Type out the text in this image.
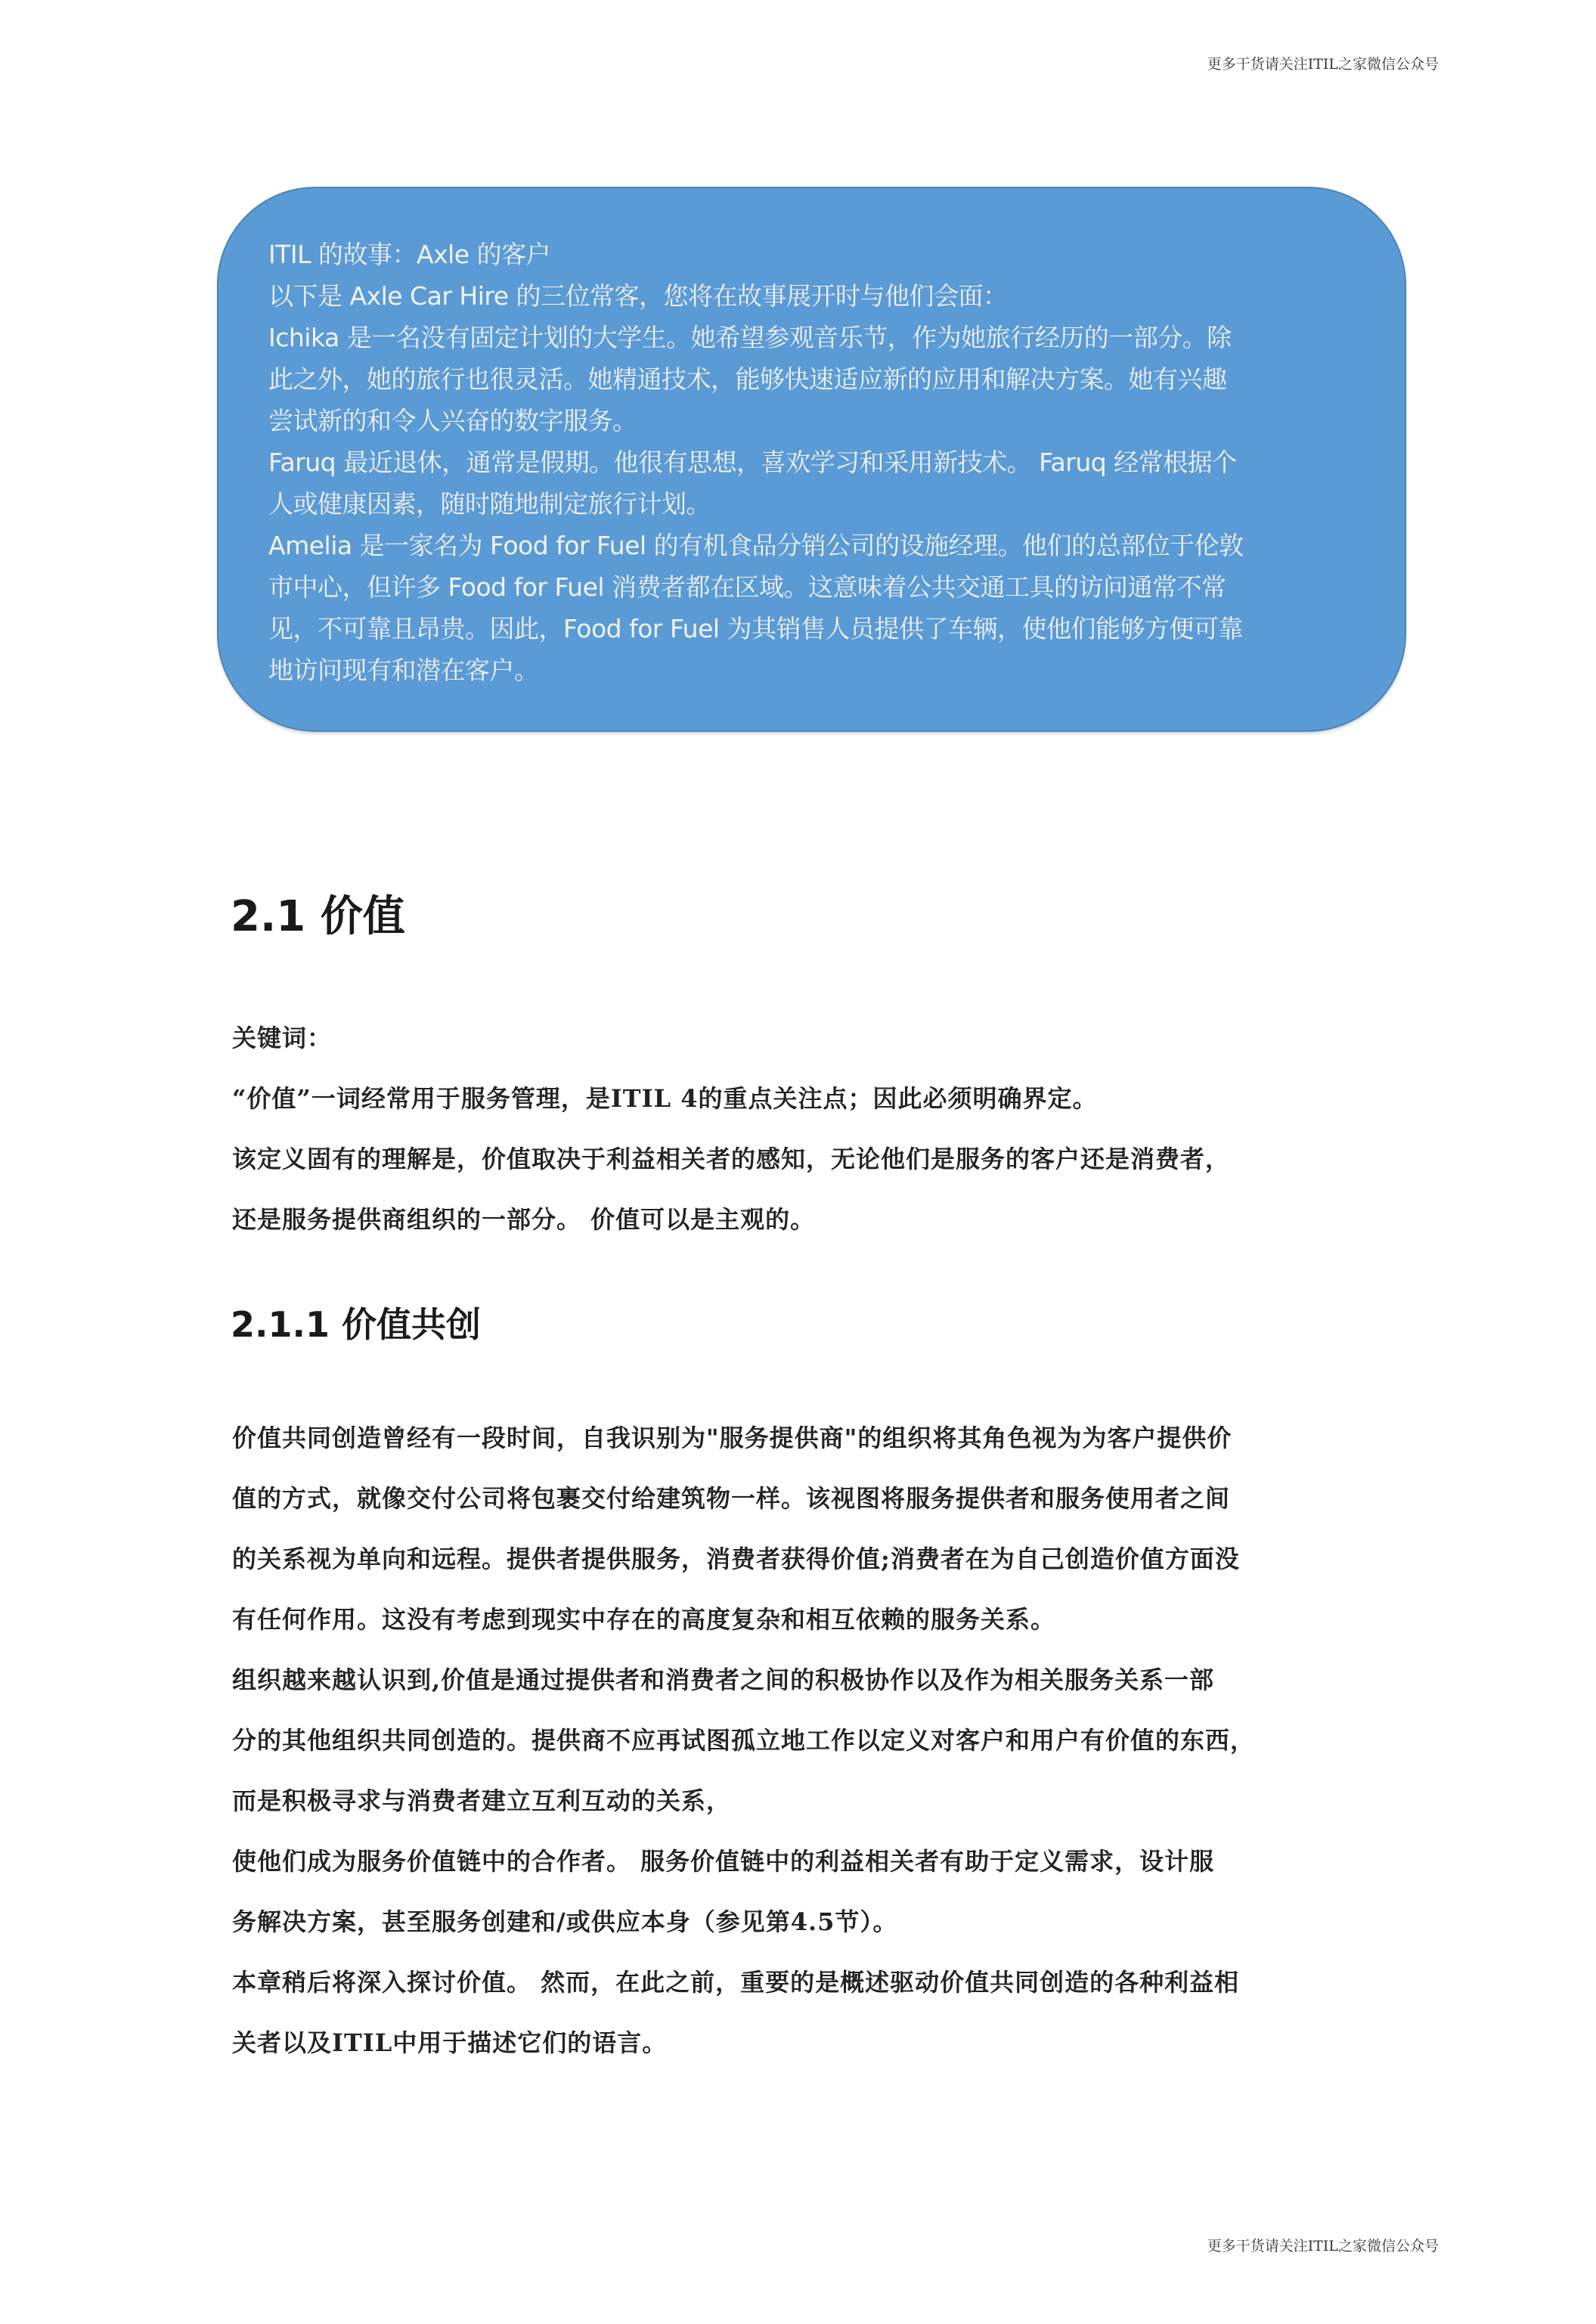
更多干货请关注ITIL之家微信公众号
ITIL 的故事：Axle 的客户
以下是 Axle Car Hire 的三位常客，您将在故事展开时与他们会面：
Ichika 是一名没有固定计划的大学生。她希望参观音乐节，作为她旅行经历的一部分。除
此之外，她的旅行也很灵活。她精通技术，能够快速适应新的应用和解决方案。她有兴趣
尝试新的和令人兴奋的数字服务。
Faruq 最近退休，通常是假期。他很有思想，喜欢学习和采用新技术。 Faruq 经常根据个
人或健康因素，随时随地制定旅行计划。
Amelia 是一家名为 Food for Fuel 的有机食品分销公司的设施经理。他们的总部位于伦敦
市中心，但许多 Food for Fuel 消费者都在区域。这意味着公共交通工具的访问通常不常
见，不可靠且昂贵。因此，Food for Fuel 为其销售人员提供了车辆，使他们能够方便可靠
地访问现有和潜在客户。
2.1 价值
关键词：
“价值”一词经常用于服务管理，是ITIL 4的重点关注点；因此必须明确界定。
该定义固有的理解是，价值取决于利益相关者的感知，无论他们是服务的客户还是消费者，
还是服务提供商组织的一部分。 价值可以是主观的。
2.1.1 价值共创
价值共同创造曾经有一段时间，自我识别为"服务提供商"的组织将其角色视为为客户提供价
值的方式，就像交付公司将包裹交付给建筑物一样。该视图将服务提供者和服务使用者之间
的关系视为单向和远程。提供者提供服务，消费者获得价值;消费者在为自己创造价值方面没
有任何作用。这没有考虑到现实中存在的高度复杂和相互依赖的服务关系。
组织越来越认识到,价值是通过提供者和消费者之间的积极协作以及作为相关服务关系一部
分的其他组织共同创造的。提供商不应再试图孤立地工作以定义对客户和用户有价值的东西，
而是积极寻求与消费者建立互利互动的关系，
使他们成为服务价值链中的合作者。 服务价值链中的利益相关者有助于定义需求，设计服
务解决方案，甚至服务创建和/或供应本身（参见第4.5节）。
本章稍后将深入探讨价值。 然而，在此之前，重要的是概述驱动价值共同创造的各种利益相
关者以及ITIL中用于描述它们的语言。
更多干货请关注ITIL之家微信公众号
